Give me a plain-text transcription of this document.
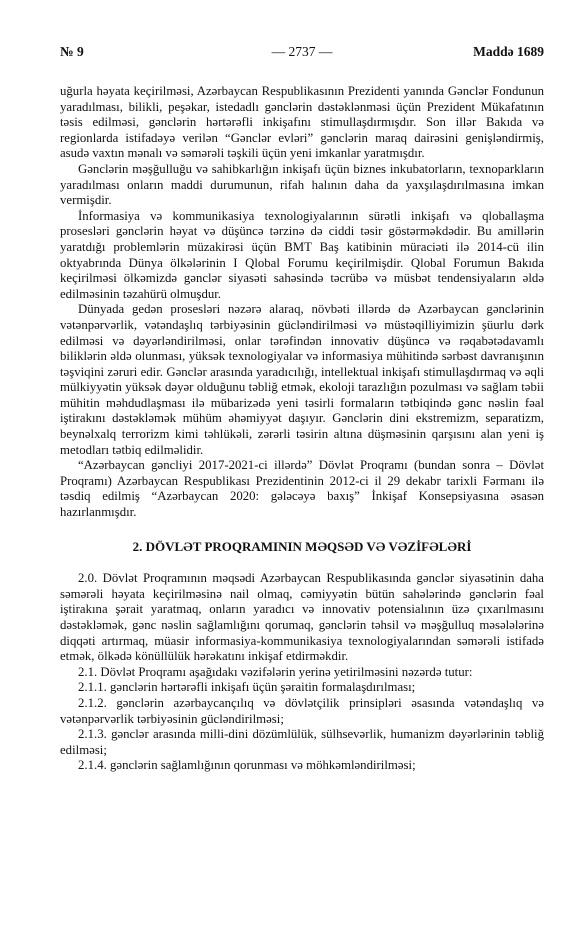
№ 9	— 2737 —	Maddə 1689

uğurla həyata keçirilməsi, Azərbaycan Respublikasının Prezidenti yanında Gənclər Fondunun yaradılması, bilikli, peşəkar, istedadlı gənclərin dəstəklənməsi üçün Prezident Mükafatının təsis edilməsi, gənclərin hərtərəfli inkişafını stimullaşdırmışdır. Son illər Bakıda və regionlarda istifadəyə verilən “Gənclər evləri” gənclərin maraq dairəsini genişləndirmiş, asudə vaxtın mənalı və səmərəli təşkili üçün yeni imkanlar yaratmışdır.

Gənclərin məşğulluğu və sahibkarlığın inkişafı üçün biznes inkubatorların, texnoparkların yaradılması onların maddi durumunun, rifah halının daha da yaxşılaşdırılmasına imkan vermişdir.

İnformasiya və kommunikasiya texnologiyalarının sürətli inkişafı və qloballaşma prosesləri gənclərin həyat və düşüncə tərzinə də ciddi təsir göstərməkdədir. Bu amillərin yaratdığı problemlərin müzakirəsi üçün BMT Baş katibinin müraciəti ilə 2014-cü ilin oktyabrında Dünya ölkələrinin I Qlobal Forumu keçirilmişdir. Qlobal Forumun Bakıda keçirilməsi ölkəmizdə gənclər siyasəti sahəsində təcrübə və müsbət tendensiyaların əldə edilməsinin təzahürü olmuşdur.

Dünyada gedən prosesləri nəzərə alaraq, növbəti illərdə də Azərbaycan gənclərinin vətənpərvərlik, vətəndaşlıq tərbiyəsinin gücləndirilməsi və müstəqilliyimizin şüurlu dərk edilməsi və dəyərləndirilməsi, onlar tərəfindən innovativ düşüncə və rəqabətədavamlı biliklərin əldə olunması, yüksək texnologiyalar və informasiya mühitində sərbəst davranışının təşviqini zəruri edir. Gənclər arasında yaradıcılığı, intellektual inkişafı stimullaşdırmaq və əqli mülkiyyətin yüksək dəyər olduğunu təbliğ etmək, ekoloji tarazlığın pozulması və sağlam təbii mühitin məhdudlaşması ilə mübarizədə yeni təsirli formaların tətbiqində gənc nəslin fəal iştirakını dəstəkləmək mühüm əhəmiyyət daşıyır. Gənclərin dini ekstremizm, separatizm, beynəlxalq terrorizm kimi təhlükəli, zərərli təsirin altına düşməsinin qarşısını alan yeni iş metodları tətbiq edilməlidir.

“Azərbaycan gəncliyi 2017-2021-ci illərdə” Dövlət Proqramı (bundan sonra – Dövlət Proqramı) Azərbaycan Respublikası Prezidentinin 2012-ci il 29 dekabr tarixli Fərmanı ilə təsdiq edilmiş “Azərbaycan 2020: gələcəyə baxış” İnkişaf Konsepsiyasına əsasən hazırlanmışdır.

2. DÖVLƏT PROQRAMININ MƏQSƏD VƏ VƏZİFƏLƏRİ

2.0. Dövlət Proqramının məqsədi Azərbaycan Respublikasında gənclər siyasətinin daha səmərəli həyata keçirilməsinə nail olmaq, cəmiyyətin bütün sahələrində gənclərin fəal iştirakına şərait yaratmaq, onların yaradıcı və innovativ potensialının üzə çıxarılmasını dəstəkləmək, gənc nəslin sağlamlığını qorumaq, gənclərin təhsil və məşğulluq məsələlərinə diqqəti artırmaq, müasir informasiya-kommunikasiya texnologiyalarından səmərəli istifadə etmək, ölkədə könüllülük hərəkatını inkişaf etdirməkdir.

2.1. Dövlət Proqramı aşağıdakı vəzifələrin yerinə yetirilməsini nəzərdə tutur:

2.1.1. gənclərin hərtərəfli inkişafı üçün şəraitin formalaşdırılması;

2.1.2. gənclərin azərbaycançılıq və dövlətçilik prinsipləri əsasında vətəndaşlıq və vətənpərvərlik tərbiyəsinin gücləndirilməsi;

2.1.3. gənclər arasında milli-dini dözümlülük, sülhsevərlik, humanizm dəyərlərinin təbliğ edilməsi;

2.1.4. gənclərin sağlamlığının qorunması və möhkəmləndirilməsi;
